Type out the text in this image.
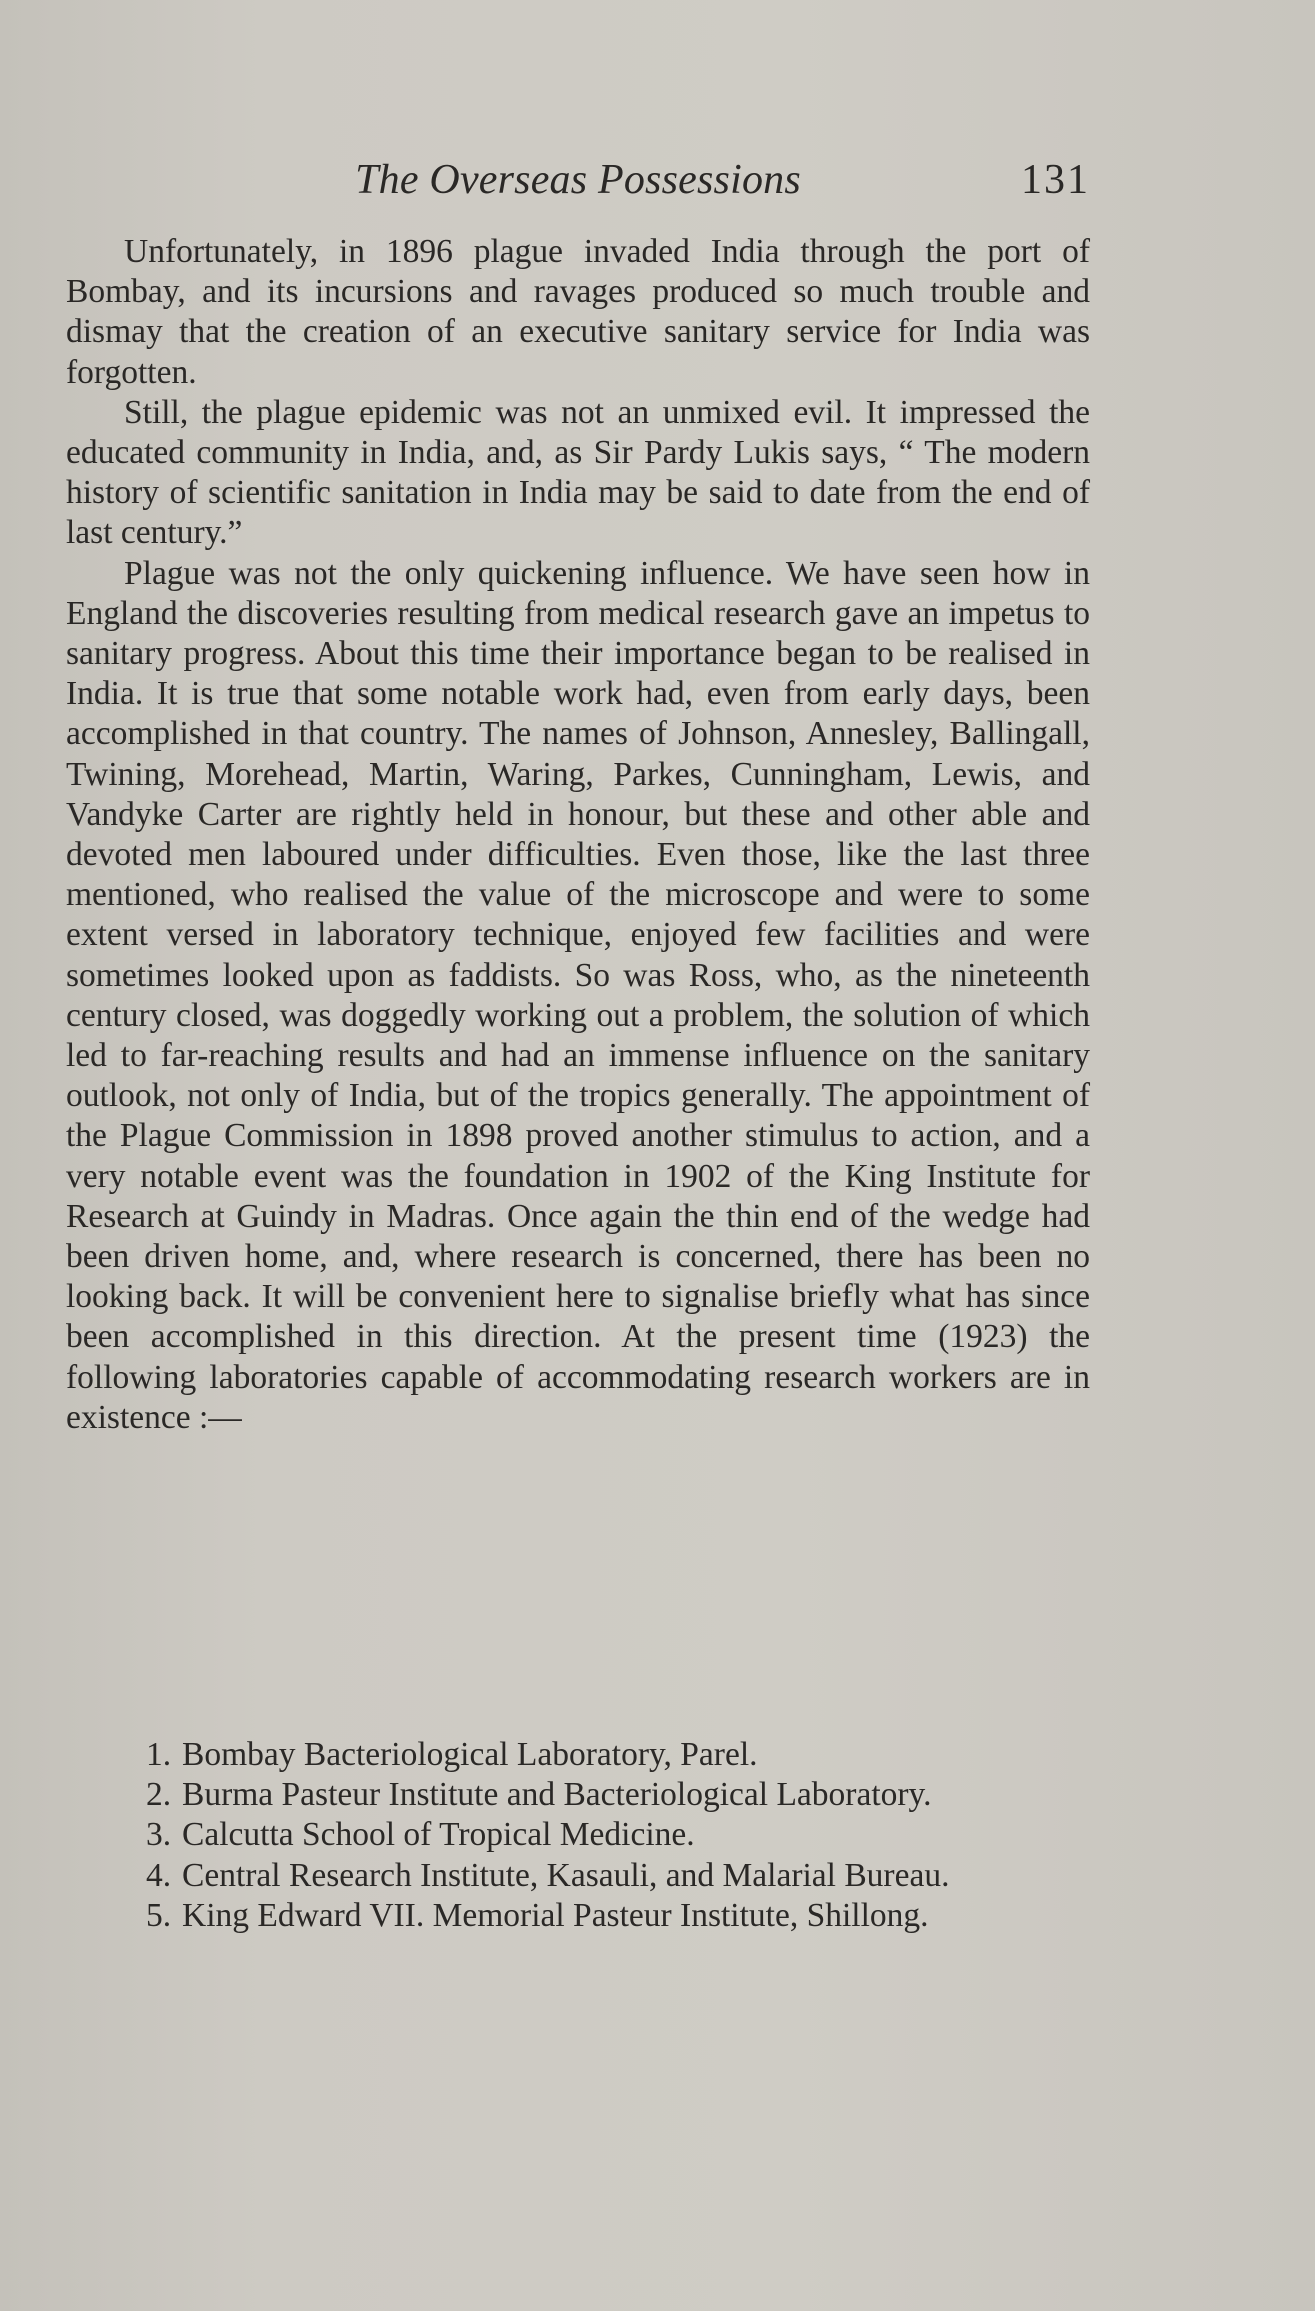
The Overseas Possessions	131

Unfortunately, in 1896 plague invaded India through the port of Bombay, and its incursions and ravages produced so much trouble and dismay that the creation of an executive sanitary service for India was forgotten.

Still, the plague epidemic was not an unmixed evil. It impressed the educated community in India, and, as Sir Pardy Lukis says, “ The modern history of scientific sanitation in India may be said to date from the end of last century.”

Plague was not the only quickening influence. We have seen how in England the discoveries resulting from medical research gave an impetus to sanitary progress. About this time their importance began to be realised in India. It is true that some notable work had, even from early days, been accomplished in that country. The names of Johnson, Annesley, Ballingall, Twining, Morehead, Martin, Waring, Parkes, Cunningham, Lewis, and Vandyke Carter are rightly held in honour, but these and other able and devoted men laboured under difficulties. Even those, like the last three mentioned, who realised the value of the microscope and were to some extent versed in laboratory technique, enjoyed few facilities and were sometimes looked upon as faddists. So was Ross, who, as the nineteenth century closed, was doggedly working out a problem, the solution of which led to far-reaching results and had an immense influence on the sanitary outlook, not only of India, but of the tropics generally. The appointment of the Plague Commission in 1898 proved another stimulus to action, and a very notable event was the foundation in 1902 of the King Institute for Research at Guindy in Madras. Once again the thin end of the wedge had been driven home, and, where research is concerned, there has been no looking back. It will be convenient here to signalise briefly what has since been accomplished in this direction. At the present time (1923) the following laboratories capable of accommodating research workers are in existence :—

1. Bombay Bacteriological Laboratory, Parel.
2. Burma Pasteur Institute and Bacteriological Laboratory.
3. Calcutta School of Tropical Medicine.
4. Central Research Institute, Kasauli, and Malarial Bureau.
5. King Edward VII. Memorial Pasteur Institute, Shillong.
